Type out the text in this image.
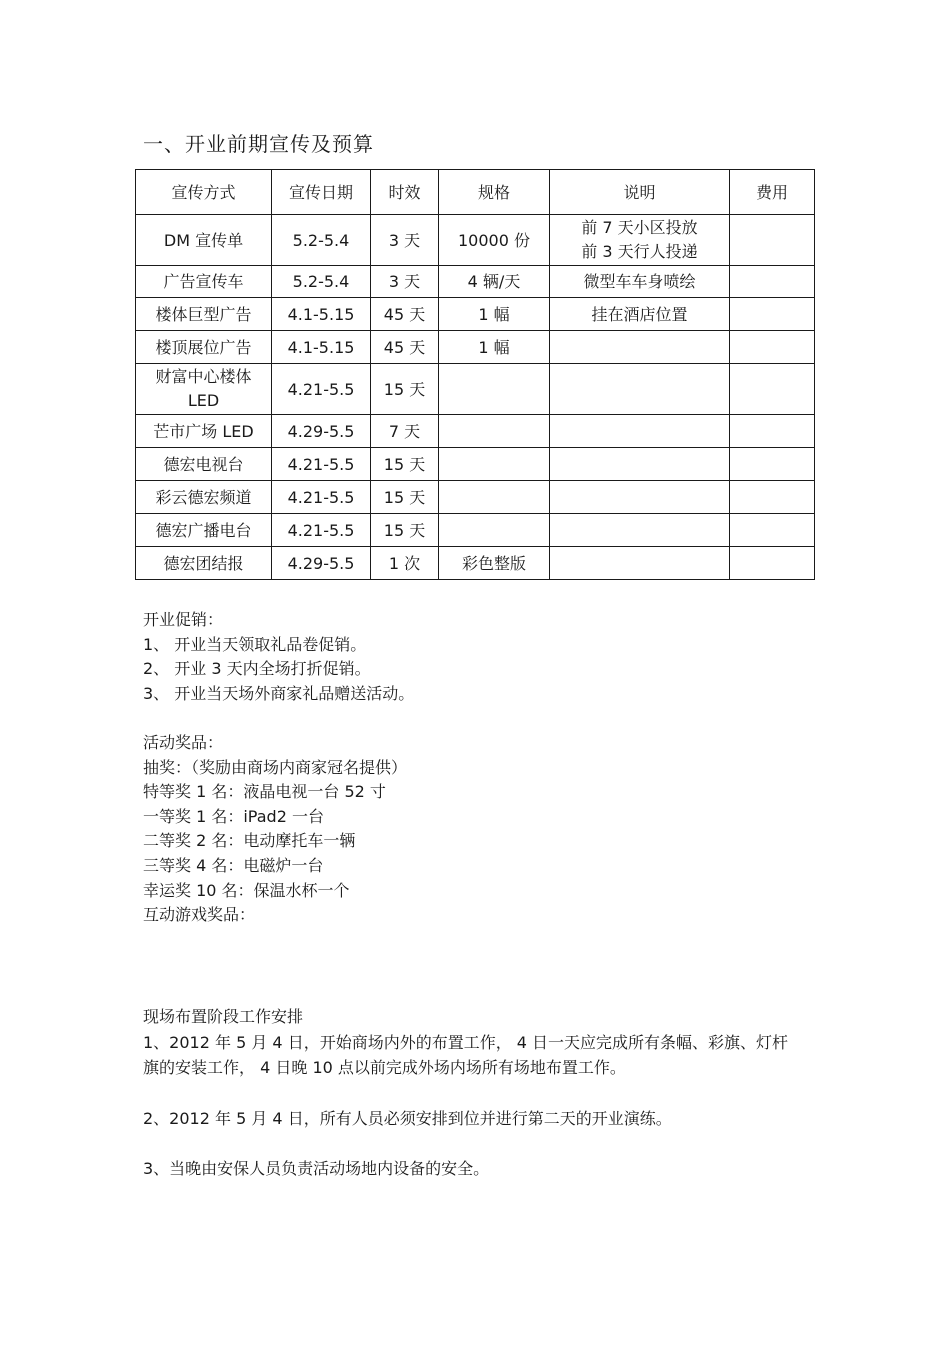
一、开业前期宣传及预算
宣传方式	宣传日期	时效	规格	说明	费用
DM 宣传单	5.2-5.4	3 天	10000 份	前 7 天小区投放
前 3 天行人投递	
广告宣传车	5.2-5.4	3 天	4 辆/天	微型车车身喷绘	
楼体巨型广告	4.1-5.15	45 天	1 幅	挂在酒店位置	
楼顶展位广告	4.1-5.15	45 天	1 幅		
财富中心楼体
LED	4.21-5.5	15 天			
芒市广场 LED	4.29-5.5	7 天			
德宏电视台	4.21-5.5	15 天			
彩云德宏频道	4.21-5.5	15 天			
德宏广播电台	4.21-5.5	15 天			
德宏团结报	4.29-5.5	1 次	彩色整版		
开业促销：
1、 开业当天领取礼品卷促销。
2、 开业 3 天内全场打折促销。
3、 开业当天场外商家礼品赠送活动。
活动奖品：
抽奖：（奖励由商场内商家冠名提供）
特等奖 1 名：液晶电视一台 52 寸
一等奖 1 名：iPad2 一台
二等奖 2 名：电动摩托车一辆
三等奖 4 名：电磁炉一台
幸运奖 10 名：保温水杯一个
互动游戏奖品：
现场布置阶段工作安排

1、2012 年 5 月 4 日，开始商场内外的布置工作， 4 日一天应完成所有条幅、彩旗、灯杆旗的安装工作， 4 日晚 10 点以前完成外场内场所有场地布置工作。

2、2012 年 5 月 4 日，所有人员必须安排到位并进行第二天的开业演练。

3、当晚由安保人员负责活动场地内设备的安全。
